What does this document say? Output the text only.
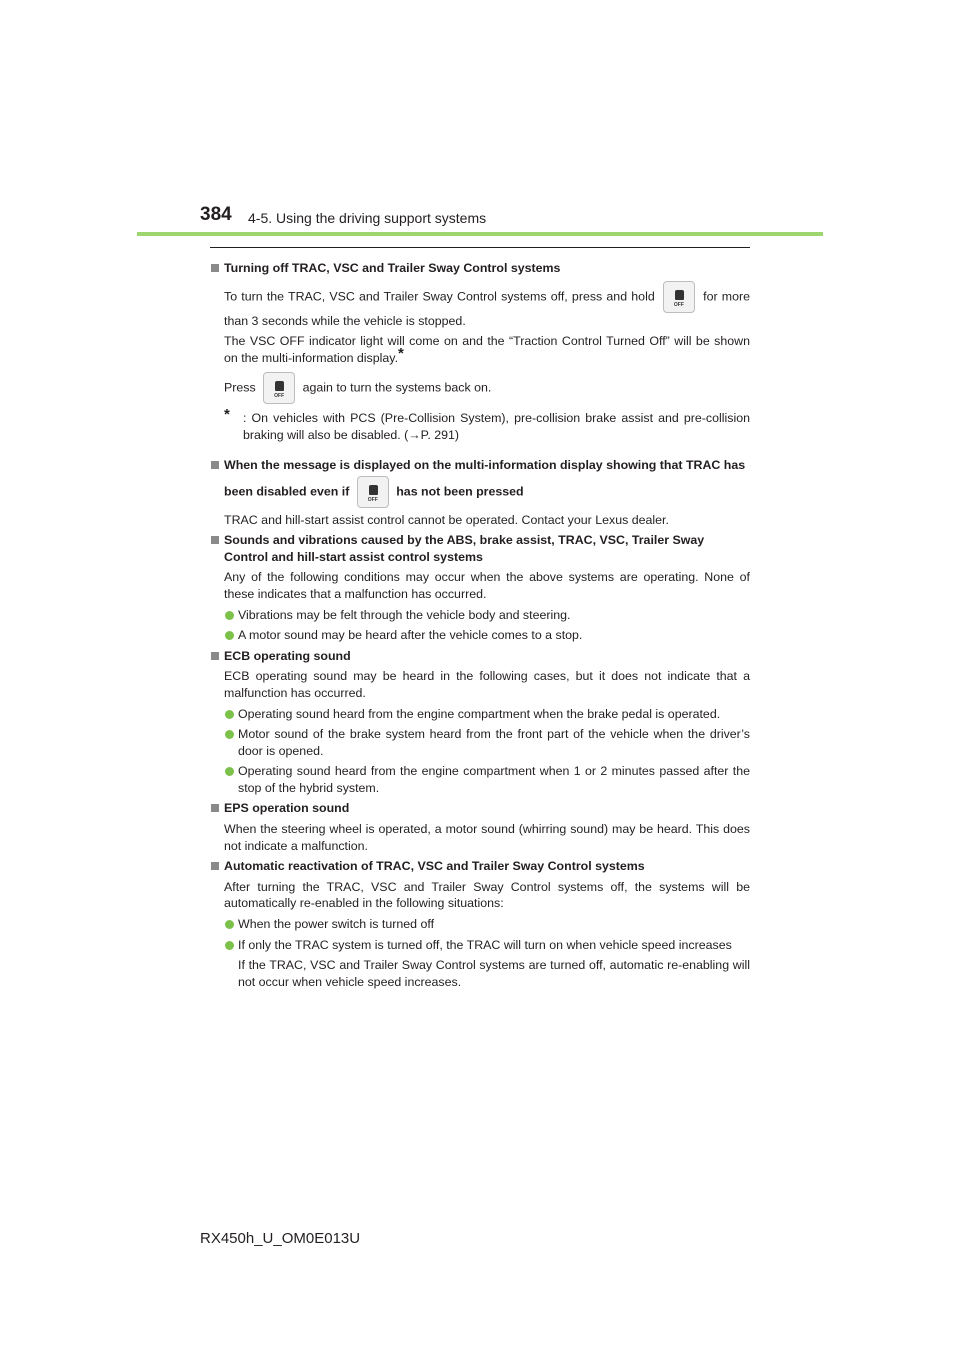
384 4-5. Using the driving support systems
Turning off TRAC, VSC and Trailer Sway Control systems
To turn the TRAC, VSC and Trailer Sway Control systems off, press and hold
OFF
for more than 3 seconds while the vehicle is stopped.
The VSC OFF indicator light will come on and the “Traction Control Turned Off” will be shown on the multi-information display.*
Press
OFF
again to turn the systems back on.
* : On vehicles with PCS (Pre-Collision System), pre-collision brake assist and pre-collision braking will also be disabled. (→P. 291)
When the message is displayed on the multi-information display showing that TRAC has been disabled even if
OFF
has not been pressed
TRAC and hill-start assist control cannot be operated. Contact your Lexus dealer.
Sounds and vibrations caused by the ABS, brake assist, TRAC, VSC, Trailer Sway Control and hill-start assist control systems
Any of the following conditions may occur when the above systems are operating. None of these indicates that a malfunction has occurred.
Vibrations may be felt through the vehicle body and steering.
A motor sound may be heard after the vehicle comes to a stop.
ECB operating sound
ECB operating sound may be heard in the following cases, but it does not indicate that a malfunction has occurred.
Operating sound heard from the engine compartment when the brake pedal is operated.
Motor sound of the brake system heard from the front part of the vehicle when the driver’s door is opened.
Operating sound heard from the engine compartment when 1 or 2 minutes passed after the stop of the hybrid system.
EPS operation sound
When the steering wheel is operated, a motor sound (whirring sound) may be heard. This does not indicate a malfunction.
Automatic reactivation of TRAC, VSC and Trailer Sway Control systems
After turning the TRAC, VSC and Trailer Sway Control systems off, the systems will be automatically re-enabled in the following situations:
When the power switch is turned off
If only the TRAC system is turned off, the TRAC will turn on when vehicle speed increases
If the TRAC, VSC and Trailer Sway Control systems are turned off, automatic re-enabling will not occur when vehicle speed increases.
RX450h_U_OM0E013U
